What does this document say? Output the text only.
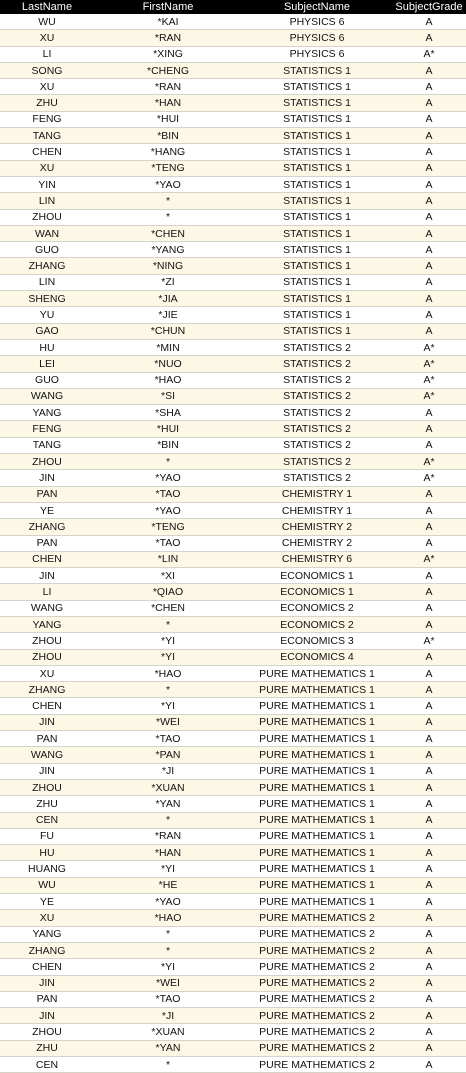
LastName	FirstName	SubjectName	SubjectGrade
WU	*KAI	PHYSICS 6	A
XU	*RAN	PHYSICS 6	A
LI	*XING	PHYSICS 6	A*
SONG	*CHENG	STATISTICS 1	A
XU	*RAN	STATISTICS 1	A
ZHU	*HAN	STATISTICS 1	A
FENG	*HUI	STATISTICS 1	A
TANG	*BIN	STATISTICS 1	A
CHEN	*HANG	STATISTICS 1	A
XU	*TENG	STATISTICS 1	A
YIN	*YAO	STATISTICS 1	A
LIN	*	STATISTICS 1	A
ZHOU	*	STATISTICS 1	A
WAN	*CHEN	STATISTICS 1	A
GUO	*YANG	STATISTICS 1	A
ZHANG	*NING	STATISTICS 1	A
LIN	*ZI	STATISTICS 1	A
SHENG	*JIA	STATISTICS 1	A
YU	*JIE	STATISTICS 1	A
GAO	*CHUN	STATISTICS 1	A
HU	*MIN	STATISTICS 2	A*
LEI	*NUO	STATISTICS 2	A*
GUO	*HAO	STATISTICS 2	A*
WANG	*SI	STATISTICS 2	A*
YANG	*SHA	STATISTICS 2	A
FENG	*HUI	STATISTICS 2	A
TANG	*BIN	STATISTICS 2	A
ZHOU	*	STATISTICS 2	A*
JIN	*YAO	STATISTICS 2	A*
PAN	*TAO	CHEMISTRY 1	A
YE	*YAO	CHEMISTRY 1	A
ZHANG	*TENG	CHEMISTRY 2	A
PAN	*TAO	CHEMISTRY 2	A
CHEN	*LIN	CHEMISTRY 6	A*
JIN	*XI	ECONOMICS 1	A
LI	*QIAO	ECONOMICS 1	A
WANG	*CHEN	ECONOMICS 2	A
YANG	*	ECONOMICS 2	A
ZHOU	*YI	ECONOMICS 3	A*
ZHOU	*YI	ECONOMICS 4	A
XU	*HAO	PURE MATHEMATICS 1	A
ZHANG	*	PURE MATHEMATICS 1	A
CHEN	*YI	PURE MATHEMATICS 1	A
JIN	*WEI	PURE MATHEMATICS 1	A
PAN	*TAO	PURE MATHEMATICS 1	A
WANG	*PAN	PURE MATHEMATICS 1	A
JIN	*JI	PURE MATHEMATICS 1	A
ZHOU	*XUAN	PURE MATHEMATICS 1	A
ZHU	*YAN	PURE MATHEMATICS 1	A
CEN	*	PURE MATHEMATICS 1	A
FU	*RAN	PURE MATHEMATICS 1	A
HU	*HAN	PURE MATHEMATICS 1	A
HUANG	*YI	PURE MATHEMATICS 1	A
WU	*HE	PURE MATHEMATICS 1	A
YE	*YAO	PURE MATHEMATICS 1	A
XU	*HAO	PURE MATHEMATICS 2	A
YANG	*	PURE MATHEMATICS 2	A
ZHANG	*	PURE MATHEMATICS 2	A
CHEN	*YI	PURE MATHEMATICS 2	A
JIN	*WEI	PURE MATHEMATICS 2	A
PAN	*TAO	PURE MATHEMATICS 2	A
JIN	*JI	PURE MATHEMATICS 2	A
ZHOU	*XUAN	PURE MATHEMATICS 2	A
ZHU	*YAN	PURE MATHEMATICS 2	A
CEN	*	PURE MATHEMATICS 2	A
